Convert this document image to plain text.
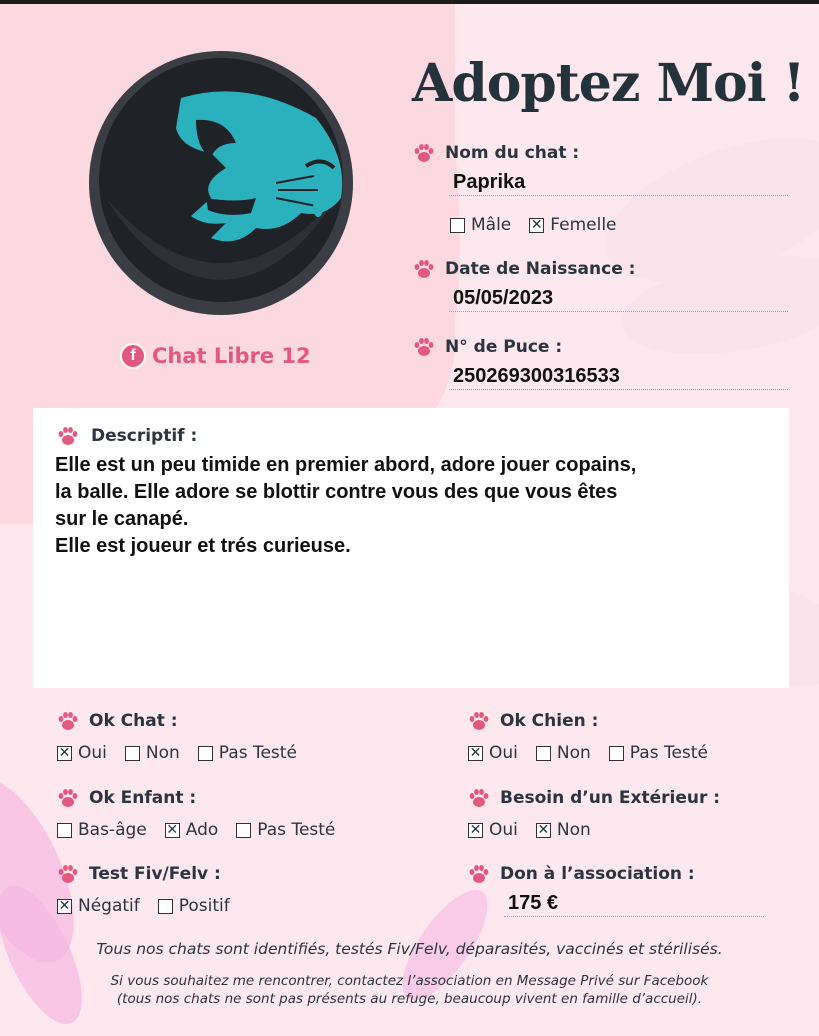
Adoptez Moi !
f Chat Libre 12
Nom du chat :
Paprika
Mâle ✕ Femelle
Date de Naissance :
05/05/2023
N° de Puce :
250269300316533
Descriptif :
Elle est un peu timide en premier abord, adore jouer copains,
la balle. Elle adore se blottir contre vous des que vous êtes
sur le canapé.
Elle est joueur et trés curieuse.
Ok Chat :
✕ Oui Non Pas Testé
Ok Chien :
✕ Oui Non Pas Testé
Ok Enfant :
Bas-âge ✕ Ado Pas Testé
Besoin d’un Extérieur :
✕ Oui ✕ Non
Test Fiv/Felv :
✕ Négatif Positif
Don à l’association :
175 €
Tous nos chats sont identifiés, testés Fiv/Felv, déparasités, vaccinés et stérilisés.
Si vous souhaitez me rencontrer, contactez l’association en Message Privé sur Facebook
(tous nos chats ne sont pas présents au refuge, beaucoup vivent en famille d’accueil).
